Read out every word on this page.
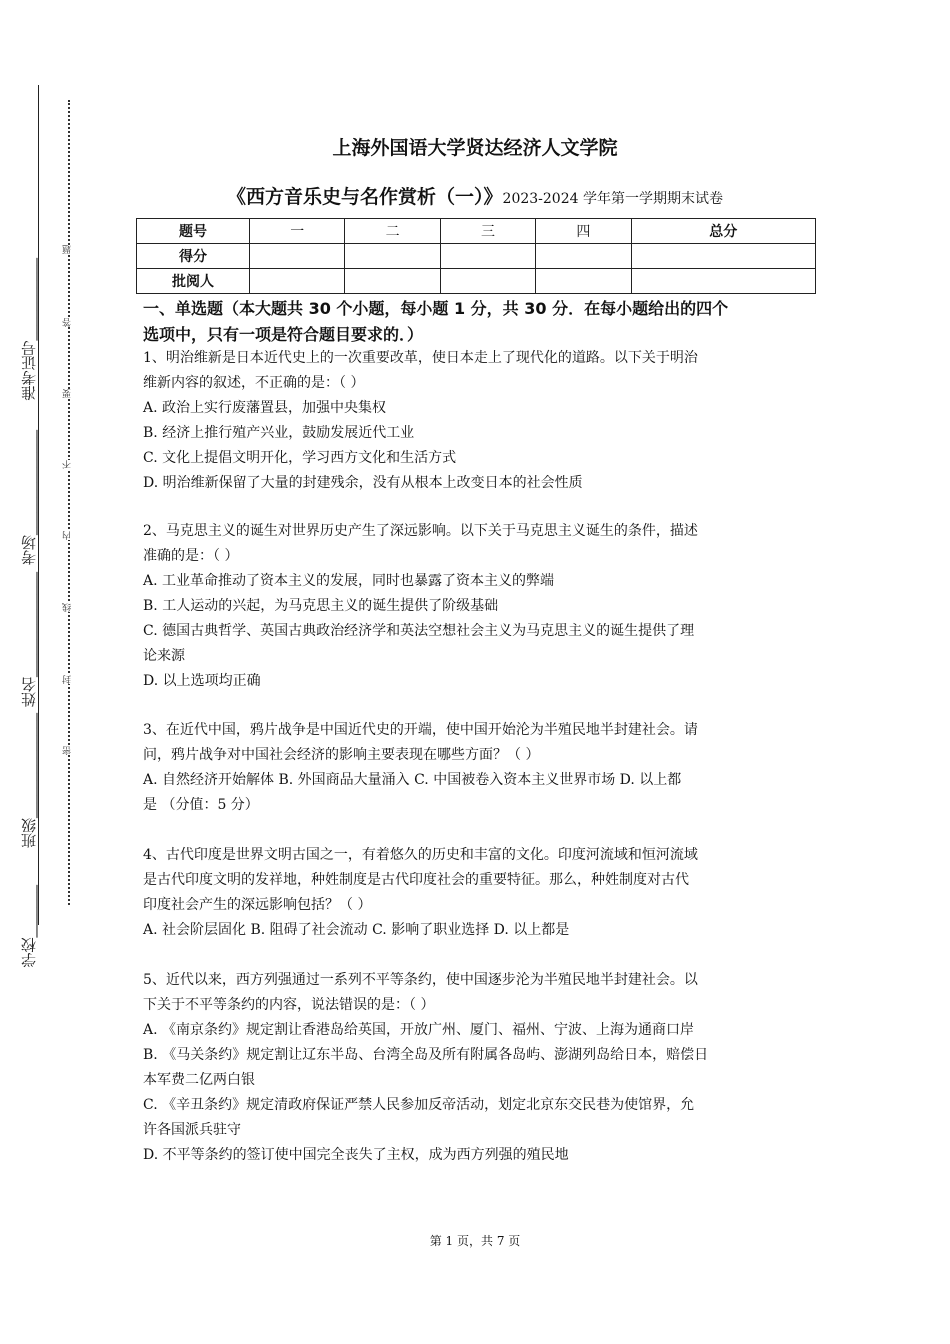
准考证号___________
考场______________
姓名______________
班级______________
学校_______
题
答
要
不
内
线
封
密
上海外国语大学贤达经济人文学院
《西方音乐史与名作赏析（一）》2023-2024 学年第一学期期末试卷
题号	一	二	三	四	总分
得分					
批阅人					
一、单选题（本大题共 30 个小题，每小题 1 分，共 30 分．在每小题给出的四个
选项中，只有一项是符合题目要求的．）

1、明治维新是日本近代史上的一次重要改革，使日本走上了现代化的道路。以下关于明治

维新内容的叙述，不正确的是：（ ）

A. 政治上实行废藩置县，加强中央集权

B. 经济上推行殖产兴业，鼓励发展近代工业

C. 文化上提倡文明开化，学习西方文化和生活方式

D. 明治维新保留了大量的封建残余，没有从根本上改变日本的社会性质

2、马克思主义的诞生对世界历史产生了深远影响。以下关于马克思主义诞生的条件，描述

准确的是：（ ）

A. 工业革命推动了资本主义的发展，同时也暴露了资本主义的弊端

B. 工人运动的兴起，为马克思主义的诞生提供了阶级基础

C. 德国古典哲学、英国古典政治经济学和英法空想社会主义为马克思主义的诞生提供了理

论来源

D. 以上选项均正确

3、在近代中国，鸦片战争是中国近代史的开端，使中国开始沦为半殖民地半封建社会。请

问，鸦片战争对中国社会经济的影响主要表现在哪些方面？（ ）

A. 自然经济开始解体 B. 外国商品大量涌入 C. 中国被卷入资本主义世界市场 D. 以上都

是 （分值：5 分）

4、古代印度是世界文明古国之一，有着悠久的历史和丰富的文化。印度河流域和恒河流域

是古代印度文明的发祥地，种姓制度是古代印度社会的重要特征。那么，种姓制度对古代

印度社会产生的深远影响包括？（ ）

A. 社会阶层固化 B. 阻碍了社会流动 C. 影响了职业选择 D. 以上都是

5、近代以来，西方列强通过一系列不平等条约，使中国逐步沦为半殖民地半封建社会。以

下关于不平等条约的内容，说法错误的是：（ ）

A. 《南京条约》规定割让香港岛给英国，开放广州、厦门、福州、宁波、上海为通商口岸

B. 《马关条约》规定割让辽东半岛、台湾全岛及所有附属各岛屿、澎湖列岛给日本，赔偿日

本军费二亿两白银

C. 《辛丑条约》规定清政府保证严禁人民参加反帝活动，划定北京东交民巷为使馆界，允

许各国派兵驻守

D. 不平等条约的签订使中国完全丧失了主权，成为西方列强的殖民地

第 1 页，共 7 页
